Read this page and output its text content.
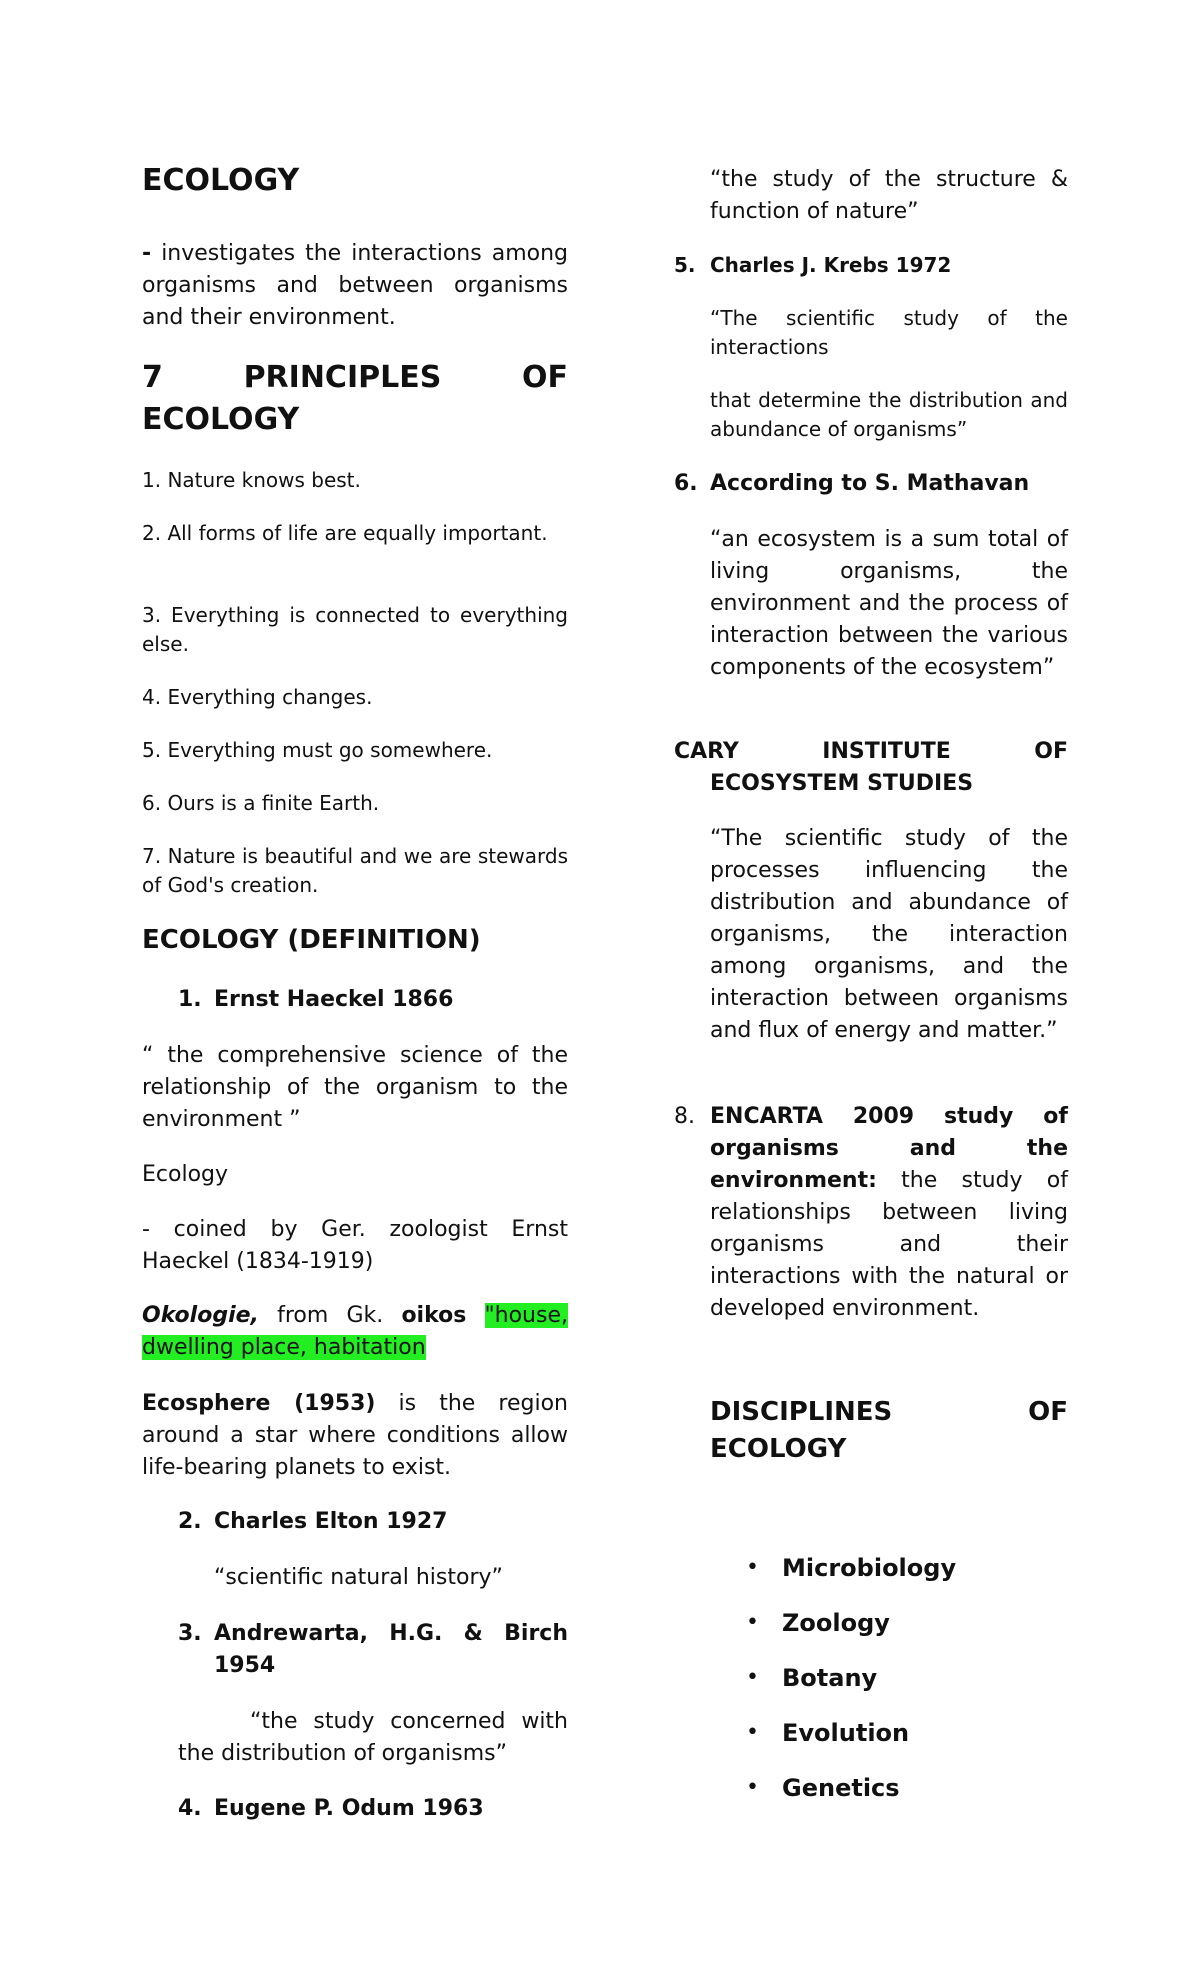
ECOLOGY
- investigates the interactions among organisms and between organisms and their environment.
7 PRINCIPLES OF
ECOLOGY
1. Nature knows best.
2. All forms of life are equally important.
3. Everything is connected to everything else.
4. Everything changes.
5. Everything must go somewhere.
6. Ours is a finite Earth.
7. Nature is beautiful and we are stewards of God's creation.
ECOLOGY (DEFINITION)
1. Ernst Haeckel 1866
“ the comprehensive science of the relationship of the organism to the environment ”
Ecology
- coined by Ger. zoologist Ernst Haeckel (1834-1919)
Okologie, from Gk. oikos "house, dwelling place, habitation
Ecosphere (1953) is the region around a star where conditions allow life-bearing planets to exist.
2. Charles Elton 1927
“scientific natural history”
3. Andrewarta, H.G. & Birch 1954
“the study concerned with the distribution of organisms”
4. Eugene P. Odum 1963
“the study of the structure & function of nature”
5. Charles J. Krebs 1972
“The scientific study of the interactions
that determine the distribution and abundance of organisms”
6. According to S. Mathavan
“an ecosystem is a sum total of living organisms, the environment and the process of interaction between the various components of the ecosystem”
CARY INSTITUTE OF
ECOSYSTEM STUDIES
“The scientific study of the processes influencing the distribution and abundance of organisms, the interaction among organisms, and the interaction between organisms and flux of energy and matter.”
8. ENCARTA 2009 study of organisms and the environment: the study of relationships between living organisms and their interactions with the natural or developed environment.
DISCIPLINES OF
ECOLOGY
• Microbiology
• Zoology
• Botany
• Evolution
• Genetics
